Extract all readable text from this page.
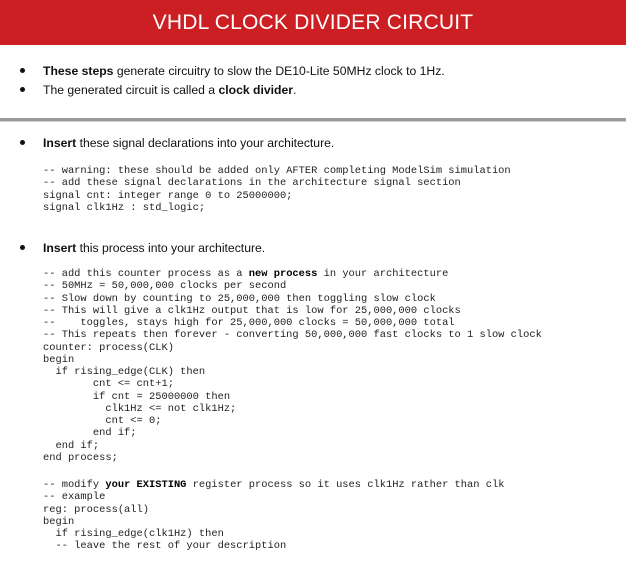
VHDL CLOCK DIVIDER CIRCUIT
These steps generate circuitry to slow the DE10-Lite 50MHz clock to 1Hz.
The generated circuit is called a clock divider.
Insert these signal declarations into your architecture.
-- warning: these should be added only AFTER completing ModelSim simulation
-- add these signal declarations in the architecture signal section
signal cnt: integer range 0 to 25000000;
signal clk1Hz : std_logic;
Insert this process into your architecture.
-- add this counter process as a new process in your architecture
-- 50MHz = 50,000,000 clocks per second
-- Slow down by counting to 25,000,000 then toggling slow clock
-- This will give a clk1Hz output that is low for 25,000,000 clocks
--    toggles, stays high for 25,000,000 clocks = 50,000,000 total
-- This repeats then forever - converting 50,000,000 fast clocks to 1 slow clock
counter: process(CLK)
begin
if rising_edge(CLK) then
cnt <= cnt+1;
if cnt = 25000000 then
clk1Hz <= not clk1Hz;
cnt <= 0;
end if;
end if;
end process;
-- modify your EXISTING register process so it uses clk1Hz rather than clk
-- example
reg: process(all)
begin
if rising_edge(clk1Hz) then
-- leave the rest of your description
